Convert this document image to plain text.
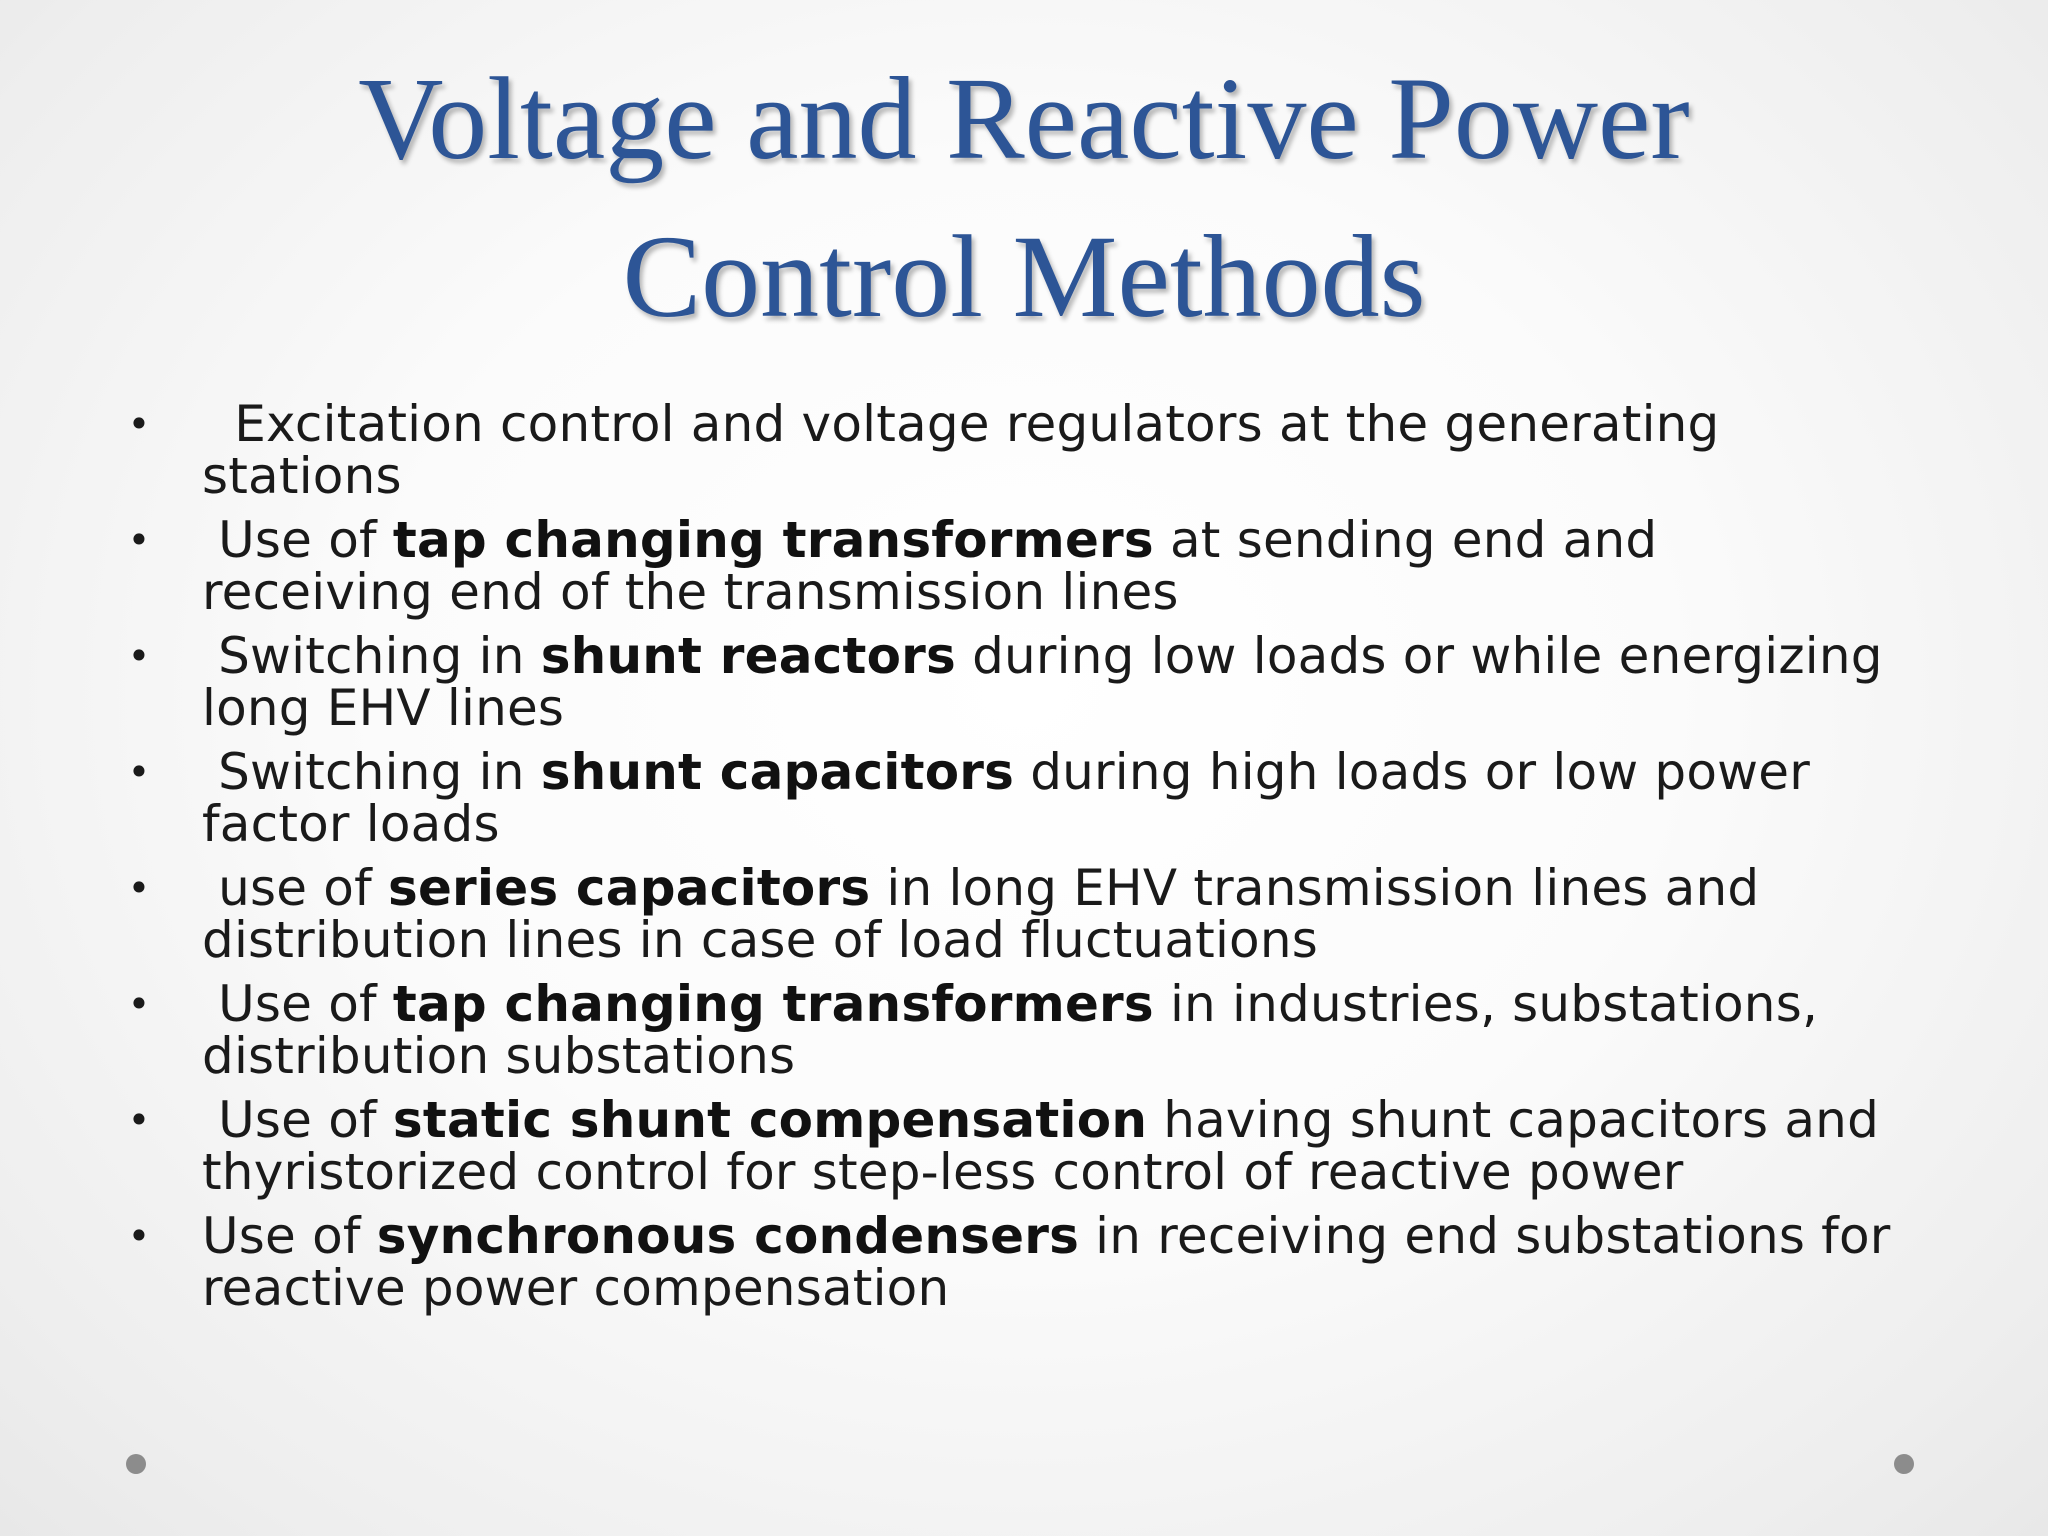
Voltage and Reactive Power
Control Methods
• Excitation control and voltage regulators at the generating stations
• Use of tap changing transformers at sending end and receiving end of the transmission lines
• Switching in shunt reactors during low loads or while energizing long EHV lines
• Switching in shunt capacitors during high loads or low power factor loads
• use of series capacitors in long EHV transmission lines and distribution lines in case of load fluctuations
• Use of tap changing transformers in industries, substations, distribution substations
• Use of static shunt compensation having shunt capacitors and thyristorized control for step-less control of reactive power
• Use of synchronous condensers in receiving end substations for reactive power compensation
